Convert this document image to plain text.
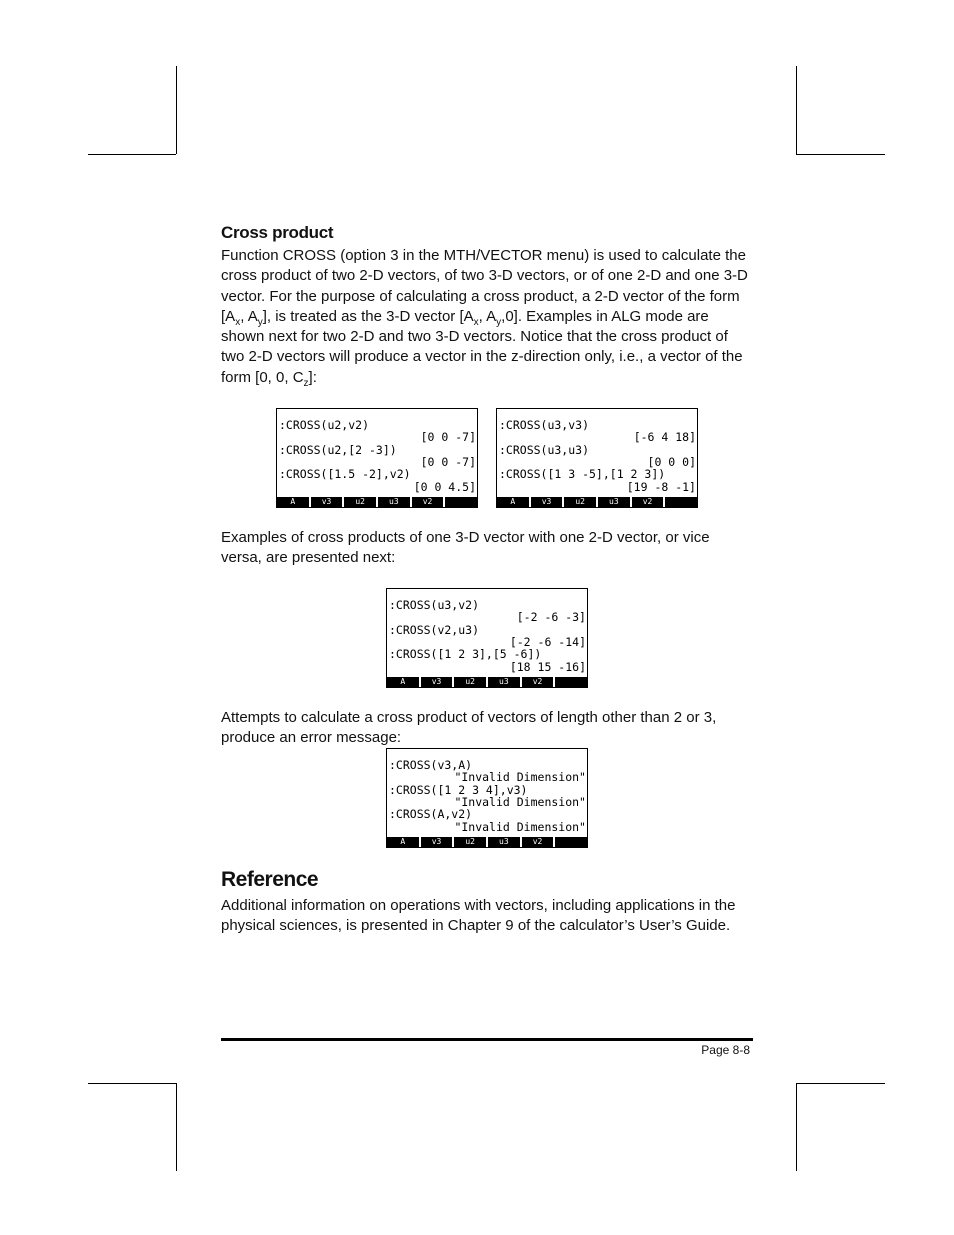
Cross product

Function CROSS (option 3 in the MTH/VECTOR menu) is used to calculate the cross product of two 2-D vectors, of two 3-D vectors, or of one 2-D and one 3-D vector. For the purpose of calculating a cross product, a 2-D vector of the form [$A_x$, $A_y$], is treated as the 3-D vector [$A_x$, $A_y,0$]. Examples in ALG mode are shown next for two 2-D and two 3-D vectors. Notice that the cross product of two 2-D vectors will produce a vector in the z-direction only, i.e., a vector of the form [0, 0, $C_z$]:

Examples of cross products of one 3-D vector with one 2-D vector, or vice versa, are presented next:

Attempts to calculate a cross product of vectors of length other than 2 or 3, produce an error message:

Reference

Additional information on operations with vectors, including applications in the physical sciences, is presented in Chapter 9 of the calculator’s User’s Guide.

:CROSS(u2,v2)
[0 0 -7]
:CROSS(u2,[2 -3])
[0 0 -7]
:CROSS([1.5 -2],v2)
[0 0 4.5]
A	v3	u2	u3	v2
:CROSS(u3,v3)
[-6 4 18]
:CROSS(u3,u3)
[0 0 0]
:CROSS([1 3 -5],[1 2 3])
[19 -8 -1]
A	v3	u2	u3	v2
:CROSS(u3,v2)
[-2 -6 -3]
:CROSS(v2,u3)
[-2 -6 -14]
:CROSS([1 2 3],[5 -6])
[18 15 -16]
A	v3	u2	u3	v2
:CROSS(v3,A)
"Invalid Dimension"
:CROSS([1 2 3 4],v3)
"Invalid Dimension"
:CROSS(A,v2)
"Invalid Dimension"
A	v3	u2	u3	v2
Page 8-8
